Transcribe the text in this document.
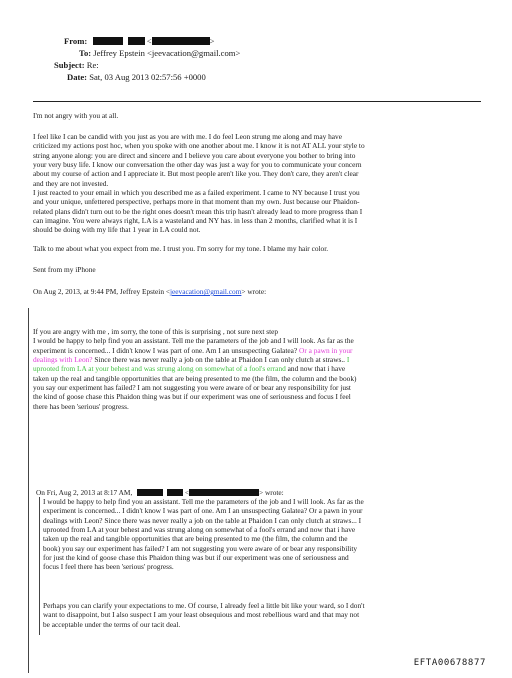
From:	<	>
To: Jeffrey Epstein <jeevacation@gmail.com>
Subject: Re:
Date: Sat, 03 Aug 2013 02:57:56 +0000

I'm not angry with you at all.

I feel like I can be candid with you just as you are with me. I do feel Leon strung me along and may have
criticized my actions post hoc, when you spoke with one another about me. I know it is not AT ALL your style to
string anyone along: you are direct and sincere and I believe you care about everyone you bother to bring into
your very busy life. I know our conversation the other day was just a way for you to communicate your concern
about my course of action and I appreciate it. But most people aren't like you. They don't care, they aren't clear
and they are not invested.

I just reacted to your email in which you described me as a failed experiment. I came to NY because I trust you
and your unique, unfettered perspective, perhaps more in that moment than my own. Just because our Phaidon-
related plans didn't turn out to be the right ones doesn't mean this trip hasn't already lead to more progress than I
can imagine. You were always right, LA is a wasteland and NY has. in less than 2 months, clarified what it is I
should be doing with my life that 1 year in LA could not.

Talk to me about what you expect from me. I trust you. I'm sorry for my tone. I blame my hair color.

Sent from my iPhone

On Aug 2, 2013, at 9:44 PM, Jeffrey Epstein <jeevacation@gmail.com> wrote:

If you are angry with me , im sorry, the tone of this is surprising , not sure next step
I would be happy to help find you an assistant. Tell me the parameters of the job and I will look. As far as the
experiment is concerned... I didn't know I was part of one. Am I an unsuspecting Galatea? Or a pawn in your
dealings with Leon? Since there was never really a job on the table at Phaidon I can only clutch at straws.. I
uprooted from LA at your behest and was strung along on somewhat of a fool's errand and now that i have
taken up the real and tangible opportunities that are being presented to me (the film, the column and the book)
you say our experiment has failed? I am not suggesting you were aware of or bear any responsibility for just
the kind of goose chase this Phaidon thing was but if our experiment was one of seriousness and focus I feel
there has been 'serious' progress.
On Fri, Aug 2, 2013 at 8:17 AM,	<	> wrote:
I would be happy to help find you an assistant. Tell me the parameters of the job and I will look. As far as the
experiment is concerned... I didn't know I was part of one. Am I an unsuspecting Galatea? Or a pawn in your
dealings with Leon? Since there was never really a job on the table at Phaidon I can only clutch at straws... I
uprooted from LA at your behest and was strung along on somewhat of a fool's errand and now that i have
taken up the real and tangible opportunities that are being presented to me (the film, the column and the
book) you say our experiment has failed? I am not suggesting you were aware of or bear any responsibility
for just the kind of goose chase this Phaidon thing was but if our experiment was one of seriousness and
focus I feel there has been 'serious' progress.
Perhaps you can clarify your expectations to me. Of course, I already feel a little bit like your ward, so I don't
want to disappoint, but I also suspect I am your least obsequious and most rebellious ward and that may not
be acceptable under the terms of our tacit deal.
EFTA00678877
